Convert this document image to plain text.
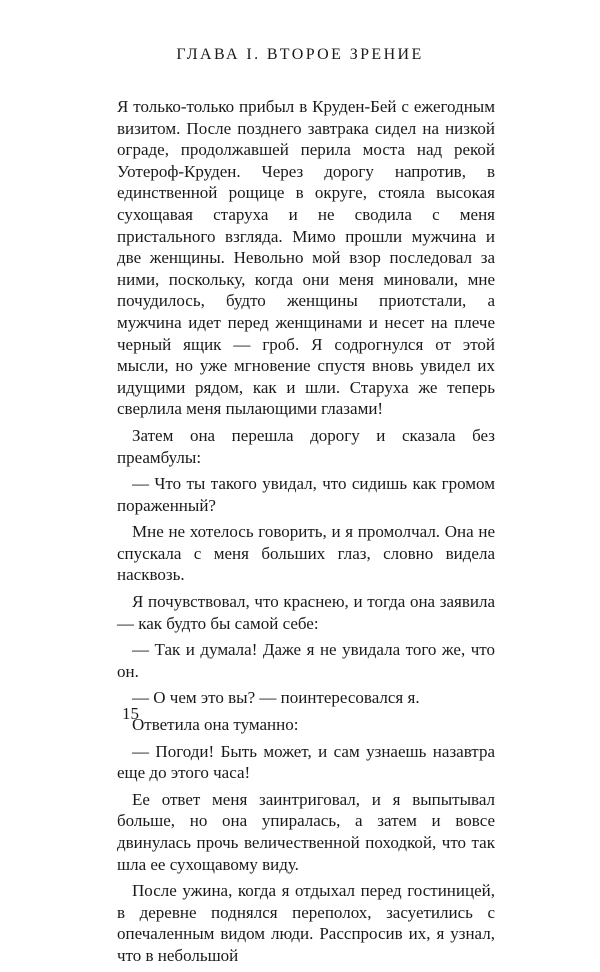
ГЛАВА I. ВТОРОЕ ЗРЕНИЕ

Я только-только прибыл в Круден-Бей с ежегодным визитом. После позднего завтрака сидел на низкой ограде, продолжавшей перила моста над рекой Уотероф-Круден. Через дорогу напротив, в единственной рощице в округе, стояла высокая сухощавая старуха и не сводила с меня пристального взгляда. Мимо прошли мужчина и две женщины. Невольно мой взор последовал за ними, поскольку, когда они меня миновали, мне почудилось, будто женщины приотстали, а мужчина идет перед женщинами и несет на плече черный ящик — гроб. Я содрогнулся от этой мысли, но уже мгновение спустя вновь увидел их идущими рядом, как и шли. Старуха же теперь сверлила меня пылающими глазами!

Затем она перешла дорогу и сказала без преамбулы:

— Что ты такого увидал, что сидишь как громом пораженный?

Мне не хотелось говорить, и я промолчал. Она не спускала с меня больших глаз, словно видела насквозь.

Я почувствовал, что краснею, и тогда она заявила — как будто бы самой себе:

— Так и думала! Даже я не увидала того же, что он.

— О чем это вы? — поинтересовался я.

Ответила она туманно:

— Погоди! Быть может, и сам узнаешь назавтра еще до этого часа!

Ее ответ меня заинтриговал, и я выпытывал больше, но она упиралась, а затем и вовсе двинулась прочь величественной походкой, что так шла ее сухощавому виду.

После ужина, когда я отдыхал перед гостиницей, в деревне поднялся переполох, засуетились с опечаленным видом люди. Расспросив их, я узнал, что в небольшой

15
